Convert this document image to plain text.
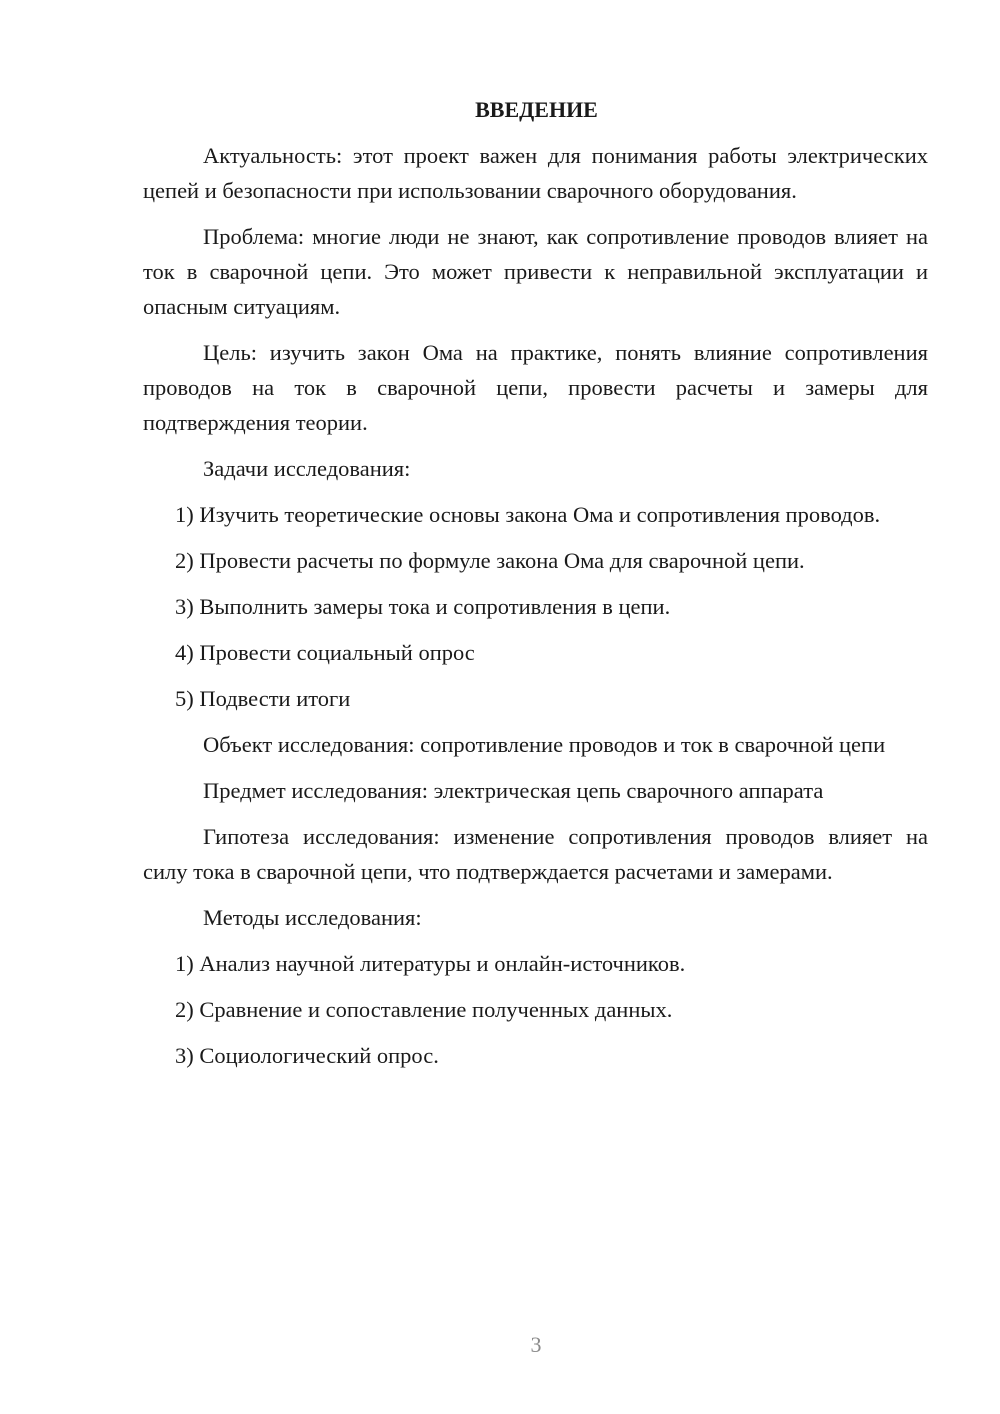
ВВЕДЕНИЕ

Актуальность: этот проект важен для понимания работы электрических цепей и безопасности при использовании сварочного оборудования.

Проблема: многие люди не знают, как сопротивление проводов влияет на ток в сварочной цепи. Это может привести к неправильной эксплуатации и опасным ситуациям.

Цель: изучить закон Ома на практике, понять влияние сопротивления проводов на ток в сварочной цепи, провести расчеты и замеры для подтверждения теории.

Задачи исследования:

1) Изучить теоретические основы закона Ома и сопротивления проводов.

2) Провести расчеты по формуле закона Ома для сварочной цепи.

3) Выполнить замеры тока и сопротивления в цепи.

4) Провести социальный опрос

5) Подвести итоги

Объект исследования: сопротивление проводов и ток в сварочной цепи

Предмет исследования: электрическая цепь сварочного аппарата

Гипотеза исследования: изменение сопротивления проводов влияет на силу тока в сварочной цепи, что подтверждается расчетами и замерами.

Методы исследования:

1) Анализ научной литературы и онлайн-источников.

2) Сравнение и сопоставление полученных данных.

3) Социологический опрос.

3
